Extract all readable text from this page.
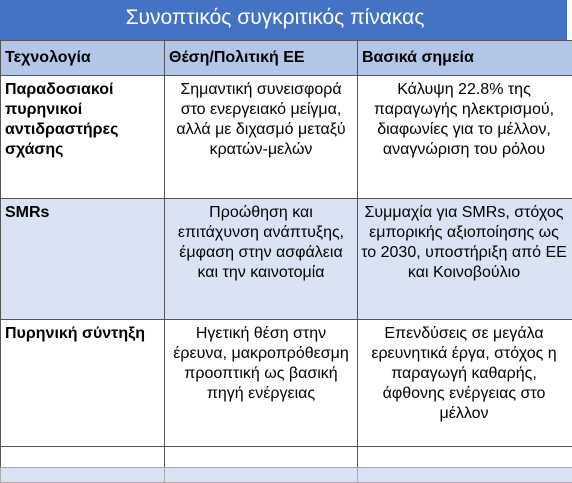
Συνοπτικός συγκριτικός πίνακας
Τεχνολογία	Θέση/Πολιτική ΕΕ	Βασικά σημεία
Παραδοσιακοί πυρηνικοί αντιδραστήρες σχάσης	Σημαντική συνεισφορά στο ενεργειακό μείγμα, αλλά με διχασμό μεταξύ κρατών-μελών	Κάλυψη 22.8% της παραγωγής ηλεκτρισμού, διαφωνίες για το μέλλον, αναγνώριση του ρόλου
SMRs	Προώθηση και επιτάχυνση ανάπτυξης, έμφαση στην ασφάλεια και την καινοτομία	Συμμαχία για SMRs, στόχος εμπορικής αξιοποίησης ως το 2030, υποστήριξη από ΕΕ και Κοινοβούλιο
Πυρηνική σύντηξη	Ηγετική θέση στην έρευνα, μακροπρόθεσμη προοπτική ως βασική πηγή ενέργειας	Επενδύσεις σε μεγάλα ερευνητικά έργα, στόχος η παραγωγή καθαρής, άφθονης ενέργειας στο μέλλον
